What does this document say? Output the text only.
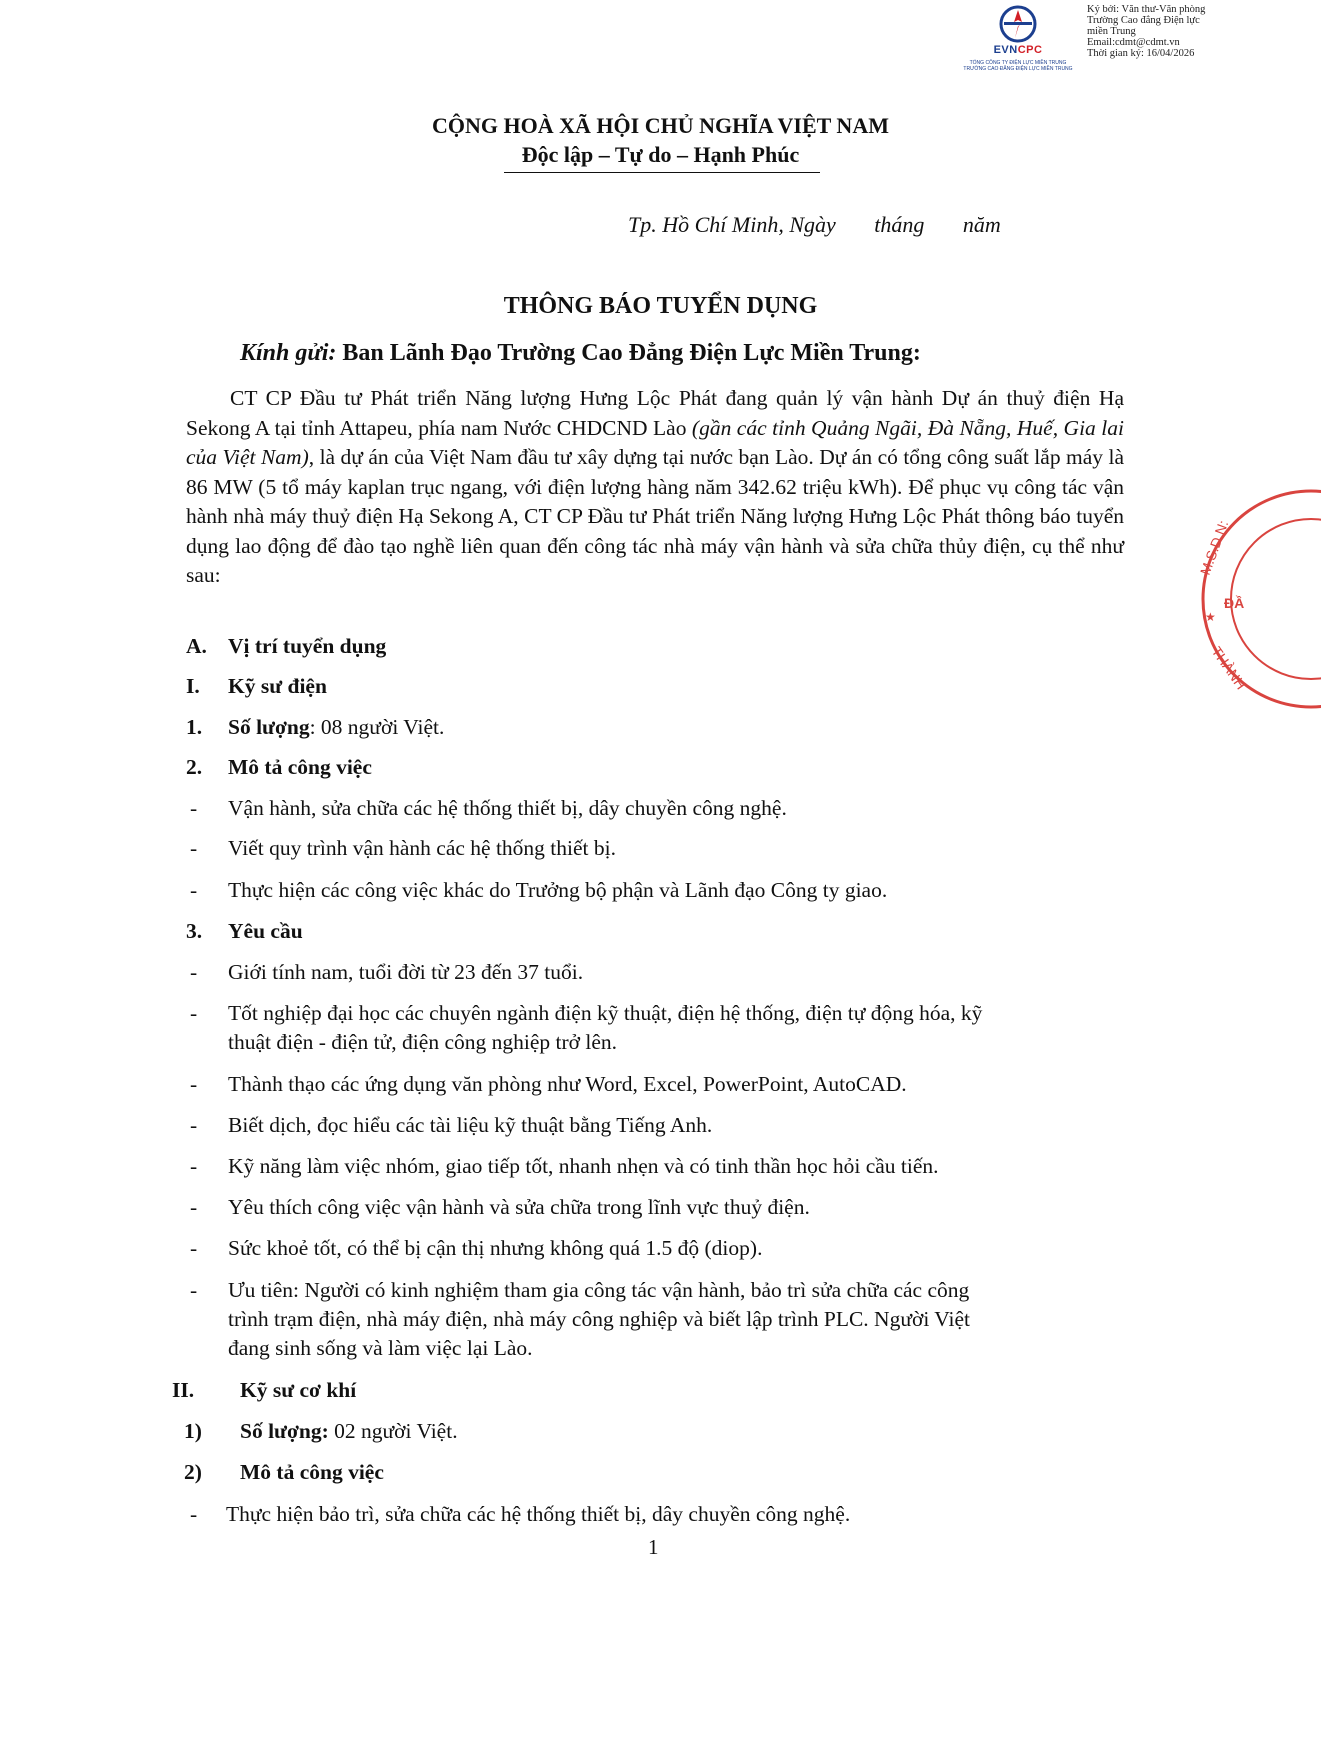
EVNCPC
TỔNG CÔNG TY ĐIỆN LỰC MIỀN TRUNG
TRƯỜNG CAO ĐẲNG ĐIỆN LỰC MIỀN TRUNG
Ký bởi: Văn thư-Văn phòng
Trường Cao đẳng Điện lực
miền Trung
Email:cdmt@cdmt.vn
Thời gian ký: 16/04/2026
M.S.D.N:
ĐẦ
THÀNH
★
CỘNG HOÀ XÃ HỘI CHỦ NGHĨA VIỆT NAM
Độc lập – Tự do – Hạnh Phúc
Tp. Hồ Chí Minh, Ngày       tháng       năm
THÔNG BÁO TUYỂN DỤNG
Kính gửi: Ban Lãnh Đạo Trường Cao Đẳng Điện Lực Miền Trung:
CT CP Đầu tư Phát triển Năng lượng Hưng Lộc Phát đang quản lý vận hành Dự án thuỷ điện Hạ Sekong A tại tỉnh Attapeu, phía nam Nước CHDCND Lào (gần các tỉnh Quảng Ngãi, Đà Nẵng, Huế, Gia lai của Việt Nam), là dự án của Việt Nam đầu tư xây dựng tại nước bạn Lào. Dự án có tổng công suất lắp máy là 86 MW (5 tổ máy kaplan trục ngang, với điện lượng hàng năm 342.62 triệu kWh). Để phục vụ công tác vận hành nhà máy thuỷ điện Hạ Sekong A, CT CP Đầu tư Phát triển Năng lượng Hưng Lộc Phát thông báo tuyển dụng lao động để đào tạo nghề liên quan đến công tác nhà máy vận hành và sửa chữa thủy điện, cụ thể như sau:
A. Vị trí tuyển dụng
I. Kỹ sư điện
1. Số lượng: 08 người Việt.
2. Mô tả công việc
- Vận hành, sửa chữa các hệ thống thiết bị, dây chuyền công nghệ.
- Viết quy trình vận hành các hệ thống thiết bị.
- Thực hiện các công việc khác do Trưởng bộ phận và Lãnh đạo Công ty giao.
3. Yêu cầu
- Giới tính nam, tuổi đời từ 23 đến 37 tuổi.
- Tốt nghiệp đại học các chuyên ngành điện kỹ thuật, điện hệ thống, điện tự động hóa, kỹ
thuật điện - điện tử, điện công nghiệp trở lên.
- Thành thạo các ứng dụng văn phòng như Word, Excel, PowerPoint, AutoCAD.
- Biết dịch, đọc hiểu các tài liệu kỹ thuật bằng Tiếng Anh.
- Kỹ năng làm việc nhóm, giao tiếp tốt, nhanh nhẹn và có tinh thần học hỏi cầu tiến.
- Yêu thích công việc vận hành và sửa chữa trong lĩnh vực thuỷ điện.
- Sức khoẻ tốt, có thể bị cận thị nhưng không quá 1.5 độ (diop).
- Ưu tiên: Người có kinh nghiệm tham gia công tác vận hành, bảo trì sửa chữa các công
trình trạm điện, nhà máy điện, nhà máy công nghiệp và biết lập trình PLC. Người Việt
đang sinh sống và làm việc lại Lào.
II. Kỹ sư cơ khí
1) Số lượng: 02 người Việt.
2) Mô tả công việc
- Thực hiện bảo trì, sửa chữa các hệ thống thiết bị, dây chuyền công nghệ.
1
